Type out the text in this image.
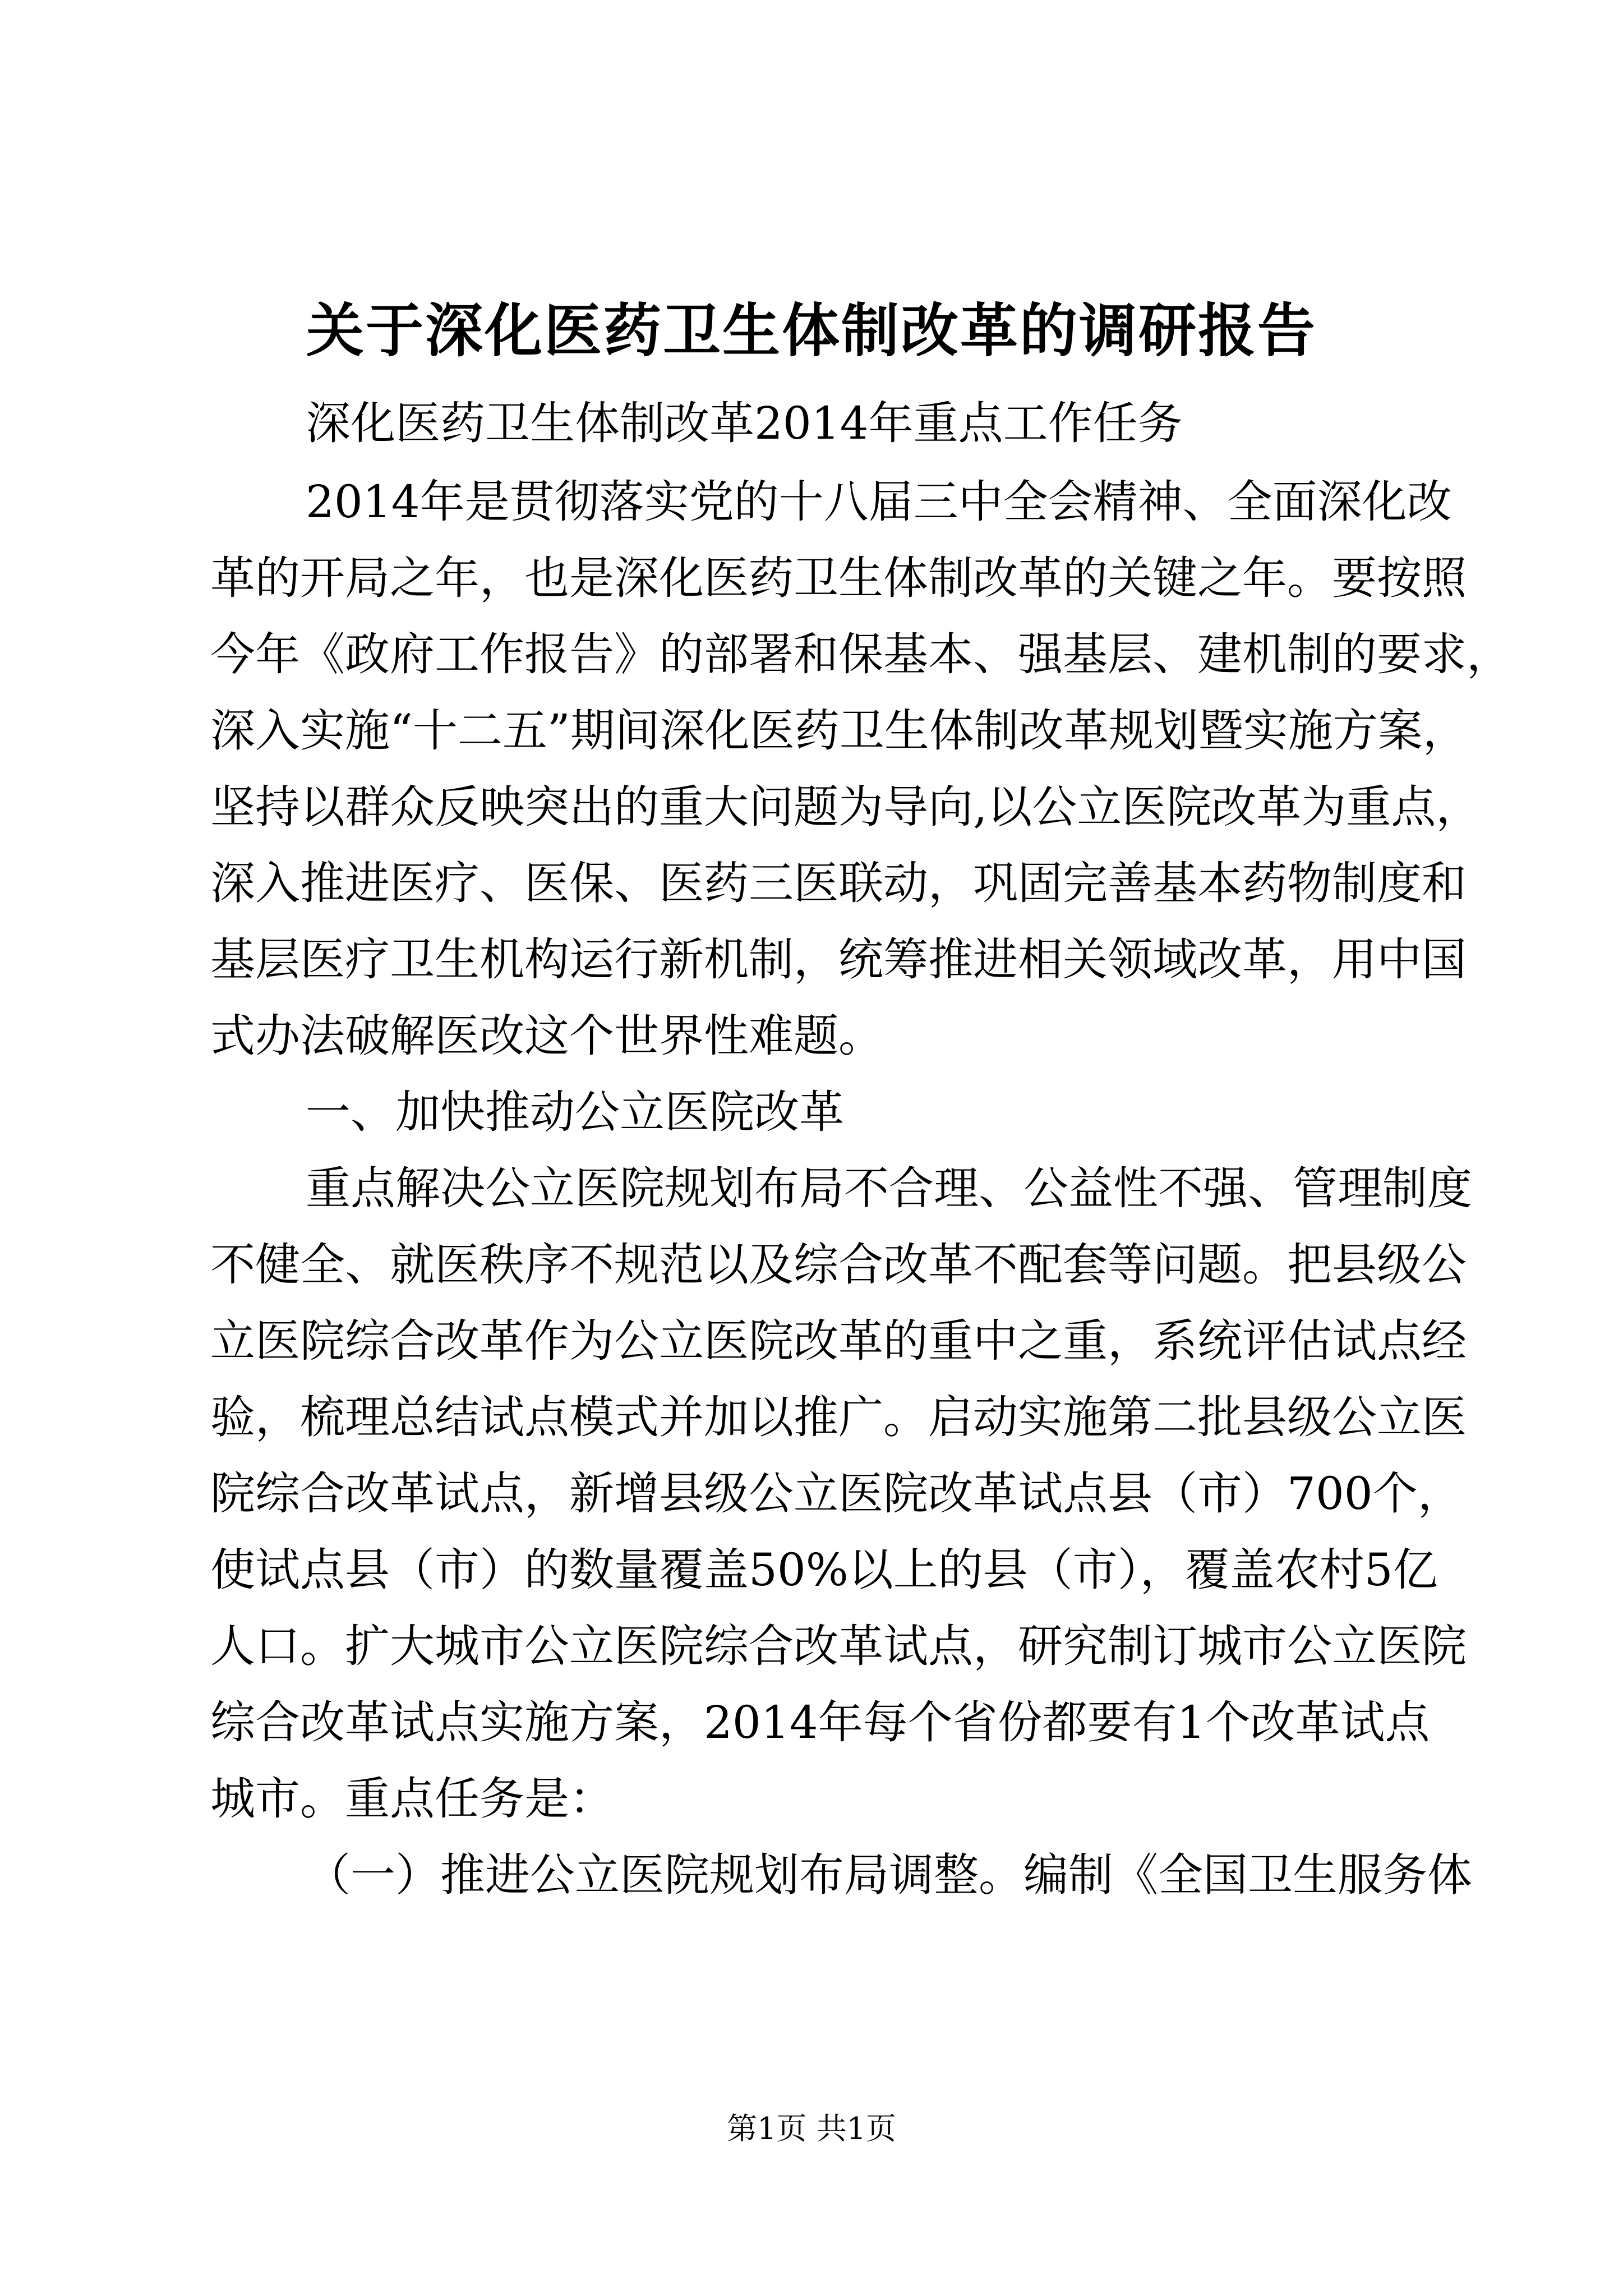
关于深化医药卫生体制改革的调研报告
深化医药卫生体制改革2014年重点工作任务
2014年是贯彻落实党的十八届三中全会精神、全面深化改
革的开局之年，也是深化医药卫生体制改革的关键之年。要按照
今年《政府工作报告》的部署和保基本、强基层、建机制的要求，
深入实施“十二五”期间深化医药卫生体制改革规划暨实施方案，
坚持以群众反映突出的重大问题为导向,以公立医院改革为重点，
深入推进医疗、医保、医药三医联动，巩固完善基本药物制度和
基层医疗卫生机构运行新机制，统筹推进相关领域改革，用中国
式办法破解医改这个世界性难题。
一、加快推动公立医院改革
重点解决公立医院规划布局不合理、公益性不强、管理制度
不健全、就医秩序不规范以及综合改革不配套等问题。把县级公
立医院综合改革作为公立医院改革的重中之重，系统评估试点经
验，梳理总结试点模式并加以推广。启动实施第二批县级公立医
院综合改革试点，新增县级公立医院改革试点县（市）700个，
使试点县（市）的数量覆盖50%以上的县（市），覆盖农村5亿
人口。扩大城市公立医院综合改革试点，研究制订城市公立医院
综合改革试点实施方案，2014年每个省份都要有1个改革试点
城市。重点任务是：
（一）推进公立医院规划布局调整。编制《全国卫生服务体
第1页 共1页
